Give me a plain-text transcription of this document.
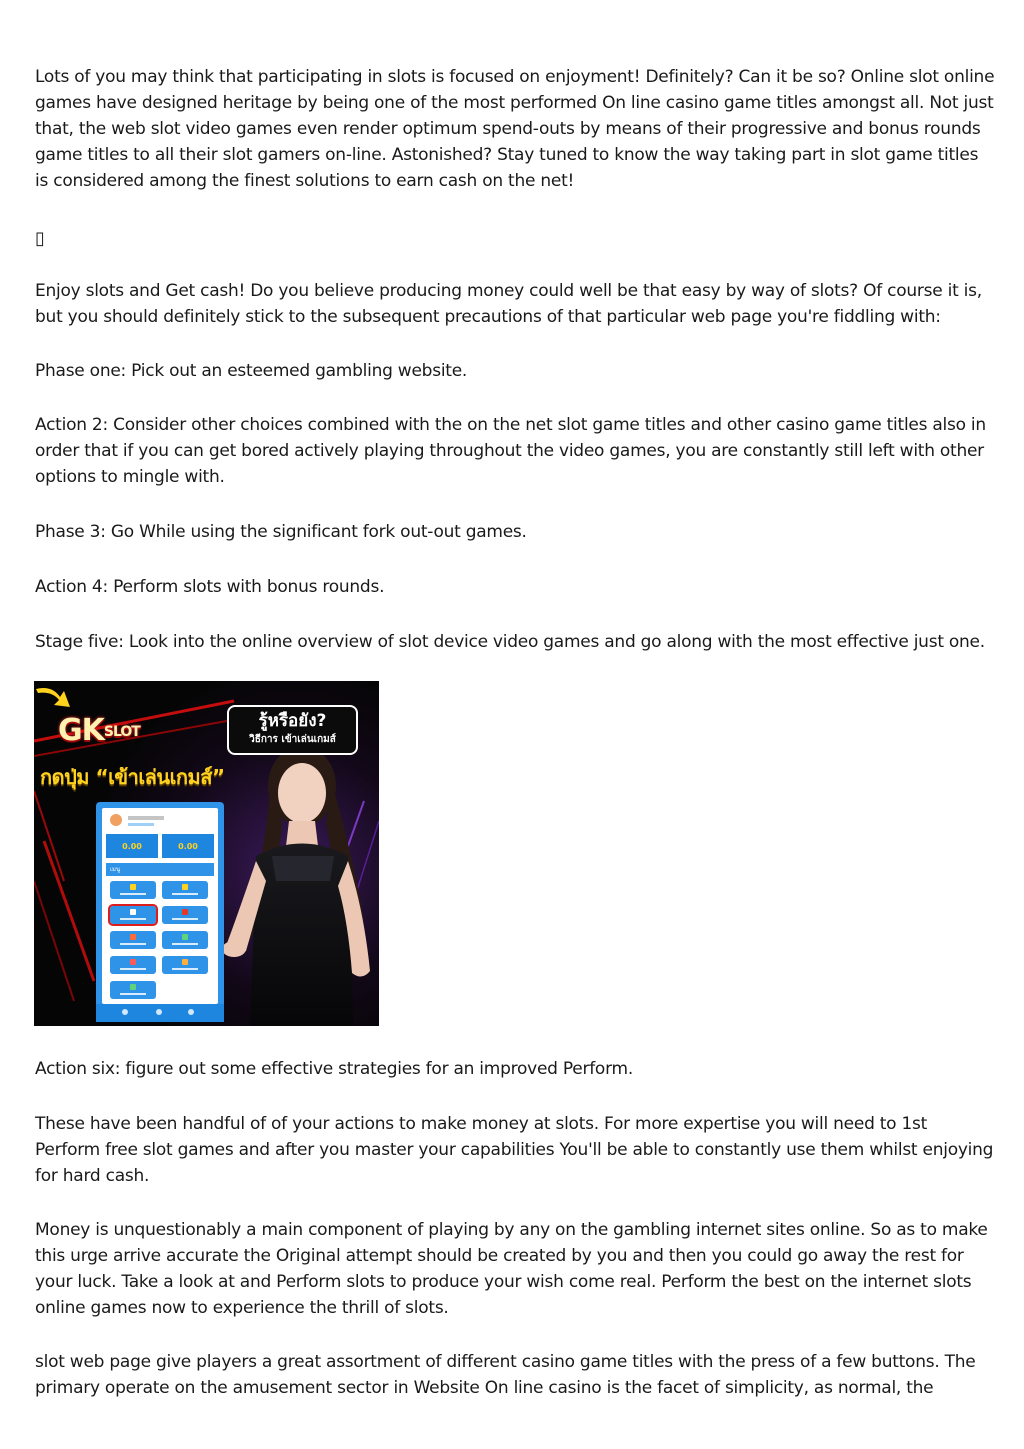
Lots of you may think that participating in slots is focused on enjoyment! Definitely? Can it be so? Online slot online games have designed heritage by being one of the most performed On line casino game titles amongst all. Not just that, the web slot video games even render optimum spend-outs by means of their progressive and bonus rounds game titles to all their slot gamers on-line. Astonished? Stay tuned to know the way taking part in slot game titles is considered among the finest solutions to earn cash on the net!

▯

Enjoy slots and Get cash! Do you believe producing money could well be that easy by way of slots? Of course it is, but you should definitely stick to the subsequent precautions of that particular web page you're fiddling with:

Phase one: Pick out an esteemed gambling website.

Action 2: Consider other choices combined with the on the net slot game titles and other casino game titles also in order that if you can get bored actively playing throughout the video games, you are constantly still left with other options to mingle with.

Phase 3: Go While using the significant fork out-out games.

Action 4: Perform slots with bonus rounds.

Stage five: Look into the online overview of slot device video games and go along with the most effective just one.

GKSLOT
รู้หรือยัง?
วิธีการ เข้าเล่นเกมส์
กดปุ่ม “เข้าเล่นเกมส์”

0.00
	0.00
เมนู

Action six: figure out some effective strategies for an improved Perform.

These have been handful of of your actions to make money at slots. For more expertise you will need to 1st Perform free slot games and after you master your capabilities You'll be able to constantly use them whilst enjoying for hard cash.

Money is unquestionably a main component of playing by any on the gambling internet sites online. So as to make this urge arrive accurate the Original attempt should be created by you and then you could go away the rest for your luck. Take a look at and Perform slots to produce your wish come real. Perform the best on the internet slots online games now to experience the thrill of slots.

slot web page give players a great assortment of different casino game titles with the press of a few buttons. The primary operate on the amusement sector in Website On line casino is the facet of simplicity, as normal, the
